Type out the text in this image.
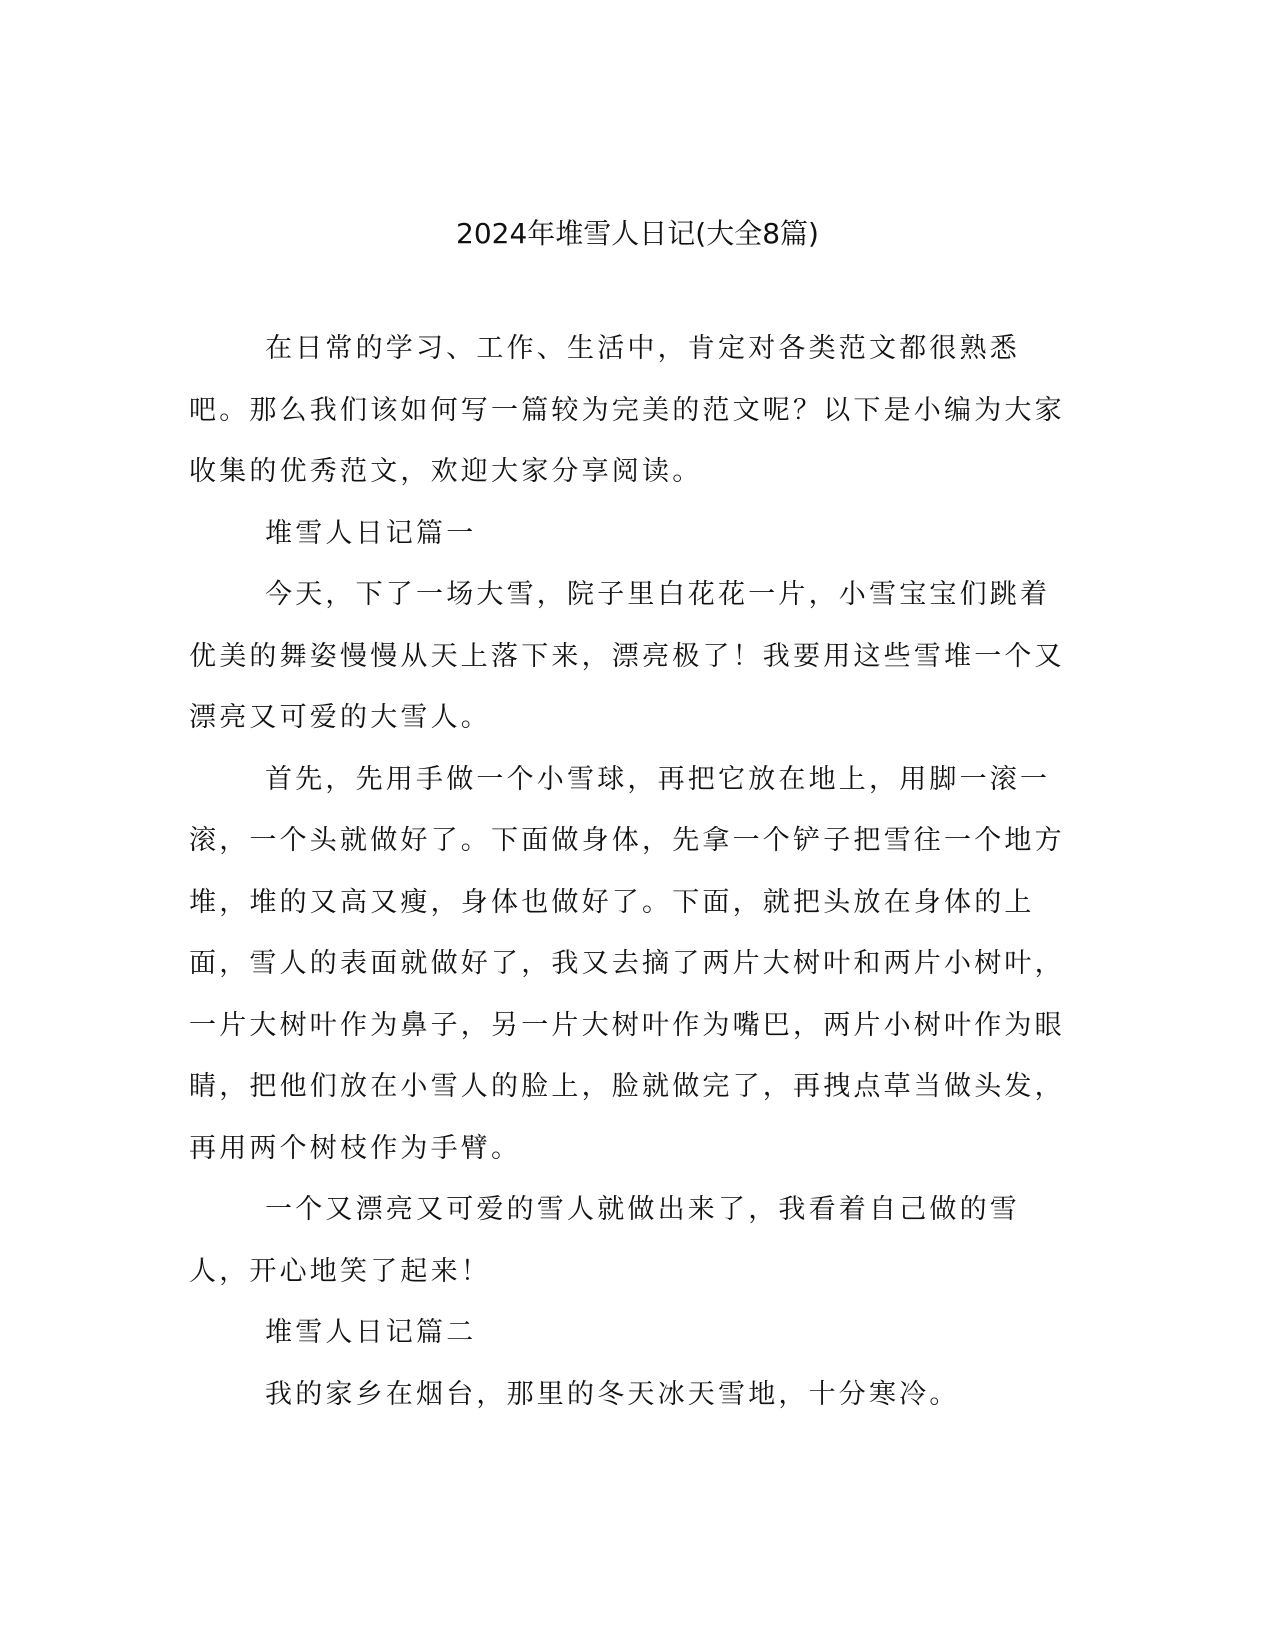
2024年堆雪人日记(大全8篇)

在日常的学习、工作、生活中，肯定对各类范文都很熟悉吧。那么我们该如何写一篇较为完美的范文呢？以下是小编为大家收集的优秀范文，欢迎大家分享阅读。

堆雪人日记篇一

今天，下了一场大雪，院子里白花花一片，小雪宝宝们跳着优美的舞姿慢慢从天上落下来，漂亮极了！我要用这些雪堆一个又漂亮又可爱的大雪人。

首先，先用手做一个小雪球，再把它放在地上，用脚一滚一滚，一个头就做好了。下面做身体，先拿一个铲子把雪往一个地方堆，堆的又高又瘦，身体也做好了。下面，就把头放在身体的上面，雪人的表面就做好了，我又去摘了两片大树叶和两片小树叶，一片大树叶作为鼻子，另一片大树叶作为嘴巴，两片小树叶作为眼睛，把他们放在小雪人的脸上，脸就做完了，再拽点草当做头发，再用两个树枝作为手臂。

一个又漂亮又可爱的雪人就做出来了，我看着自己做的雪人，开心地笑了起来！

堆雪人日记篇二

我的家乡在烟台，那里的冬天冰天雪地，十分寒冷。
